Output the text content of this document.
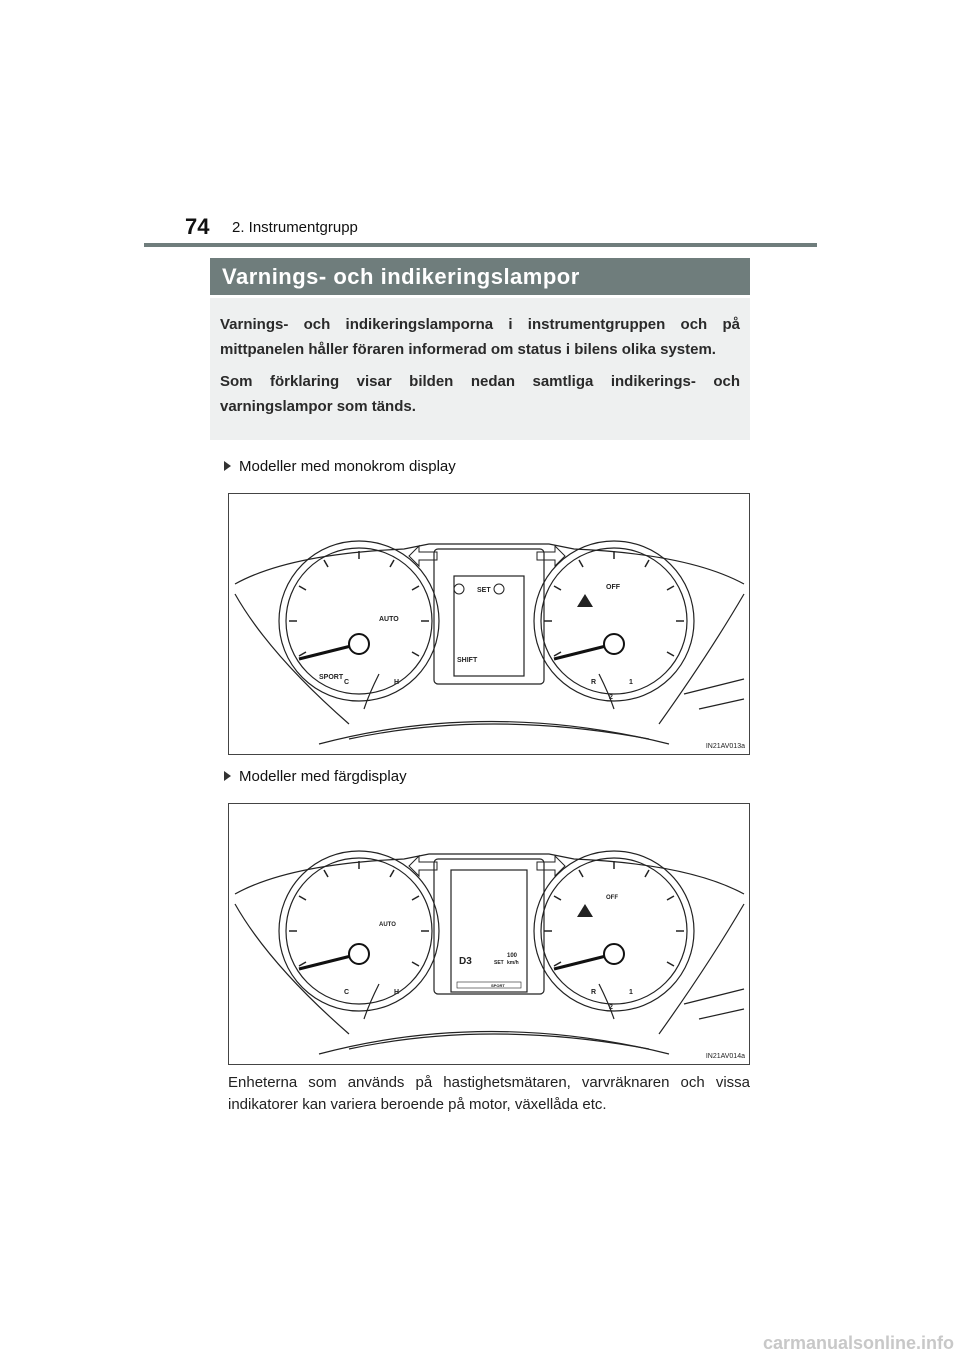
74 2. Instrumentgrupp
Varnings- och indikeringslampor

Varnings- och indikeringslamporna i instrumentgruppen och på mittpanelen håller föraren informerad om status i bilens olika system.

Som förklaring visar bilden nedan samtliga indikerings- och varningslampor som tänds.

Modeller med monokrom display
SET
SHIFT
SPORT
C	H
AUTO
OFF
R	1
2
IN21AV013a
Modeller med färgdisplay
D3	100
km/h
SET
SPORT
C	H
AUTO
OFF
R	1
2
IN21AV014a
Enheterna som används på hastighetsmätaren, varvräknaren och vissa indikatorer kan variera beroende på motor, växellåda etc.
carmanualsonline.info
